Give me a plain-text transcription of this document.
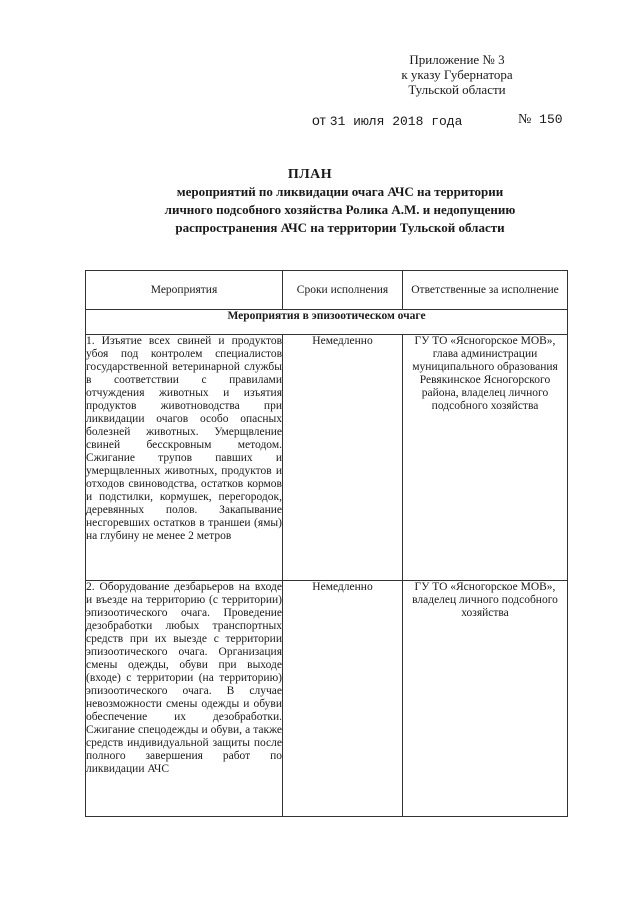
Приложение № 3
к указу Губернатора
Тульской области
от 31 июля 2018 года	№ 150
ПЛАН
мероприятий по ликвидации очага АЧС на территории
личного подсобного хозяйства Ролика А.М. и недопущению
распространения АЧС на территории Тульской области
Мероприятия	Сроки исполнения	Ответственные за исполнение
Мероприятия в эпизоотическом очаге		
1. Изъятие всех свиней и продуктов убоя под контролем специалистов государственной ветеринарной службы в соответствии с правилами отчуждения животных и изъятия продуктов животноводства при ликвидации очагов особо опасных болезней животных. Умерщвление свиней бесскровным методом. Сжигание трупов павших и умерщвленных животных, продуктов и отходов свиноводства, остатков кормов и подстилки, кормушек, перегородок, деревянных полов. Закапывание несгоревших остатков в траншеи (ямы) на глубину не менее 2 метров	Немедленно	ГУ ТО «Ясногорское МОВ», глава администрации муниципального образования Ревякинское Ясногорского района, владелец личного подсобного хозяйства
2. Оборудование дезбарьеров на входе и въезде на территорию (с территории) эпизоотического очага. Проведение дезобработки любых транспортных средств при их выезде с территории эпизоотического очага. Организация смены одежды, обуви при выходе (входе) с территории (на территорию) эпизоотического очага. В случае невозможности смены одежды и обуви обеспечение их дезобработки. Сжигание спецодежды и обуви, а также средств индивидуальной защиты после полного завершения работ по ликвидации АЧС	Немедленно	ГУ ТО «Ясногорское МОВ», владелец личного подсобного хозяйства
